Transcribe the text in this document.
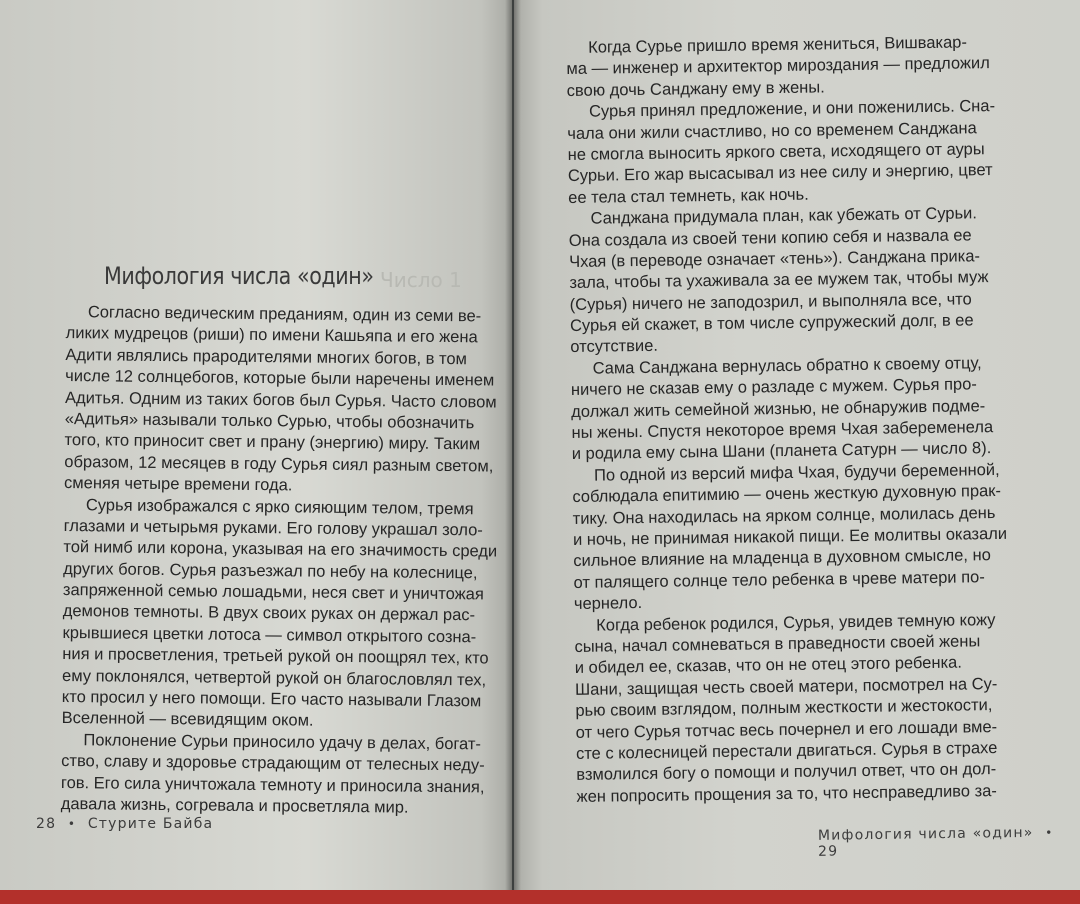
Мифология числа «один» Число 1
Согласно ведическим преданиям, один из семи ве-
ликих мудрецов (риши) по имени Кашьяпа и его жена
Адити являлись прародителями многих богов, в том
числе 12 солнцебогов, которые были наречены именем
Адитья. Одним из таких богов был Сурья. Часто словом
«Адитья» называли только Сурью, чтобы обозначить
того, кто приносит свет и прану (энергию) миру. Таким
образом, 12 месяцев в году Сурья сиял разным светом,
сменяя четыре времени года.
Сурья изображался с ярко сияющим телом, тремя
глазами и четырьмя руками. Его голову украшал золо-
той нимб или корона, указывая на его значимость среди
других богов. Сурья разъезжал по небу на колеснице,
запряженной семью лошадьми, неся свет и уничтожая
демонов темноты. В двух своих руках он держал рас-
крывшиеся цветки лотоса — символ открытого созна-
ния и просветления, третьей рукой он поощрял тех, кто
ему поклонялся, четвертой рукой он благословлял тех,
кто просил у него помощи. Его часто называли Глазом
Вселенной — всевидящим оком.
Поклонение Сурьи приносило удачу в делах, богат-
ство, славу и здоровье страдающим от телесных неду-
гов. Его сила уничтожала темноту и приносила знания,
давала жизнь, согревала и просветляла мир.
28 • Стурите Байба
Когда Сурье пришло время жениться, Вишвакар-
ма — инженер и архитектор мироздания — предложил
свою дочь Санджану ему в жены.
Сурья принял предложение, и они поженились. Сна-
чала они жили счастливо, но со временем Санджана
не смогла выносить яркого света, исходящего от ауры
Сурьи. Его жар высасывал из нее силу и энергию, цвет
ее тела стал темнеть, как ночь.
Санджана придумала план, как убежать от Сурьи.
Она создала из своей тени копию себя и назвала ее
Чхая (в переводе означает «тень»). Санджана прика-
зала, чтобы та ухаживала за ее мужем так, чтобы муж
(Сурья) ничего не заподозрил, и выполняла все, что
Сурья ей скажет, в том числе супружеский долг, в ее
отсутствие.
Сама Санджана вернулась обратно к своему отцу,
ничего не сказав ему о разладе с мужем. Сурья про-
должал жить семейной жизнью, не обнаружив подме-
ны жены. Спустя некоторое время Чхая забеременела
и родила ему сына Шани (планета Сатурн — число 8).
По одной из версий мифа Чхая, будучи беременной,
соблюдала епитимию — очень жесткую духовную прак-
тику. Она находилась на ярком солнце, молилась день
и ночь, не принимая никакой пищи. Ее молитвы оказали
сильное влияние на младенца в духовном смысле, но
от палящего солнце тело ребенка в чреве матери по-
чернело.
Когда ребенок родился, Сурья, увидев темную кожу
сына, начал сомневаться в праведности своей жены
и обидел ее, сказав, что он не отец этого ребенка.
Шани, защищая честь своей матери, посмотрел на Су-
рью своим взглядом, полным жесткости и жестокости,
от чего Сурья тотчас весь почернел и его лошади вме-
сте с колесницей перестали двигаться. Сурья в страхе
взмолился богу о помощи и получил ответ, что он дол-
жен попросить прощения за то, что несправедливо за-
Мифология числа «один» • 29
